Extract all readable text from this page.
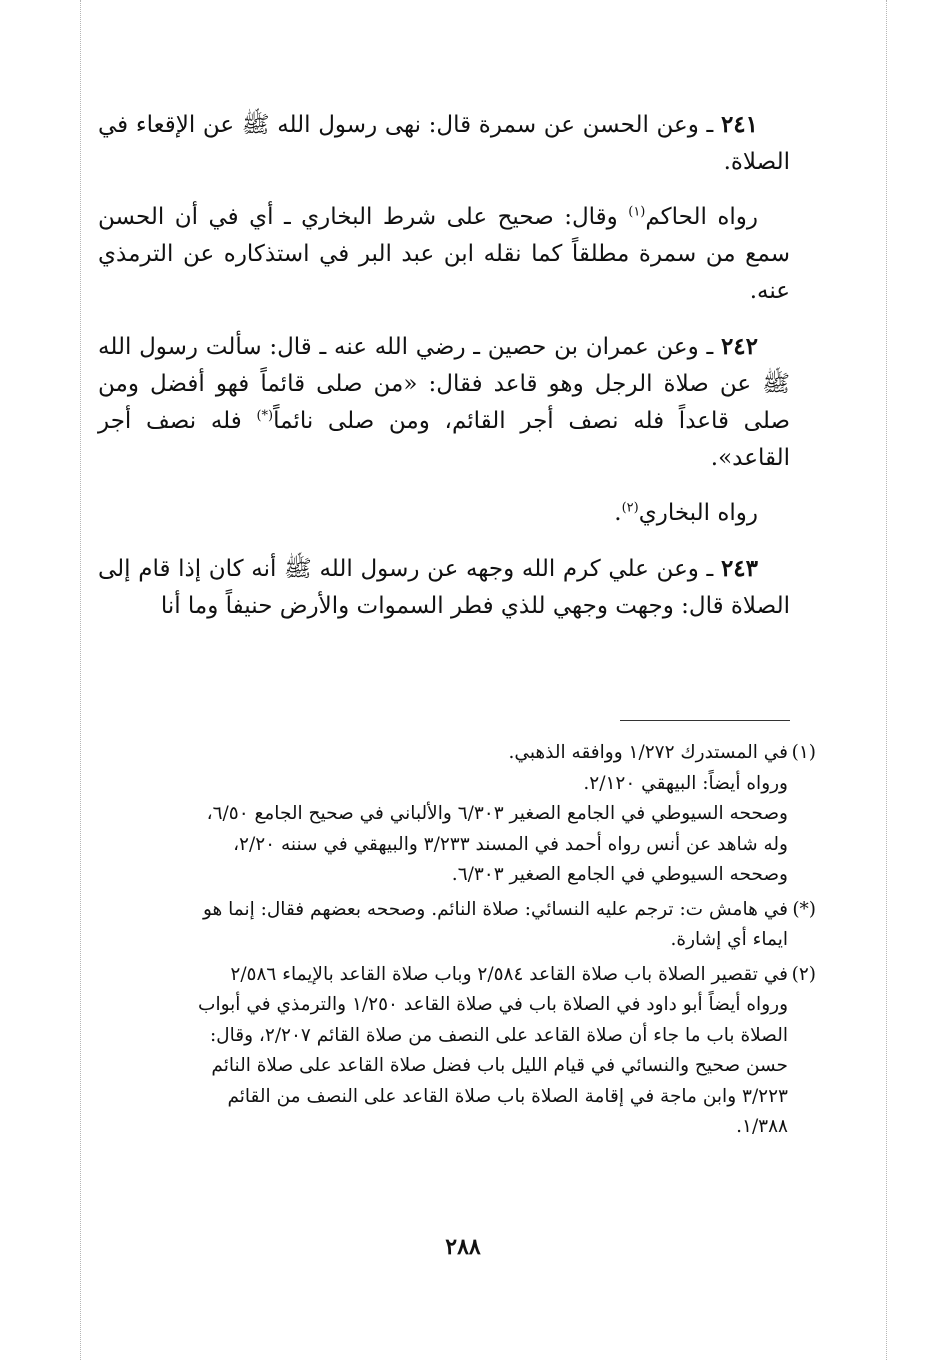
٢٤١ ـ وعن الحسن عن سمرة قال: نهى رسول الله ﷺ عن الإقعاء في الصلاة.

رواه الحاكم$^{(١)}$ وقال: صحيح على شرط البخاري ـ أي في أن الحسن سمع من سمرة مطلقاً كما نقله ابن عبد البر في استذكاره عن الترمذي عنه.

٢٤٢ ـ وعن عمران بن حصين ـ رضي الله عنه ـ قال: سألت رسول الله ﷺ عن صلاة الرجل وهو قاعد فقال: «من صلى قائماً فهو أفضل ومن صلى قاعداً فله نصف أجر القائم، ومن صلى نائماً(*) فله نصف أجر القاعد».

رواه البخاري$^{(٢)}$.

٢٤٣ ـ وعن علي كرم الله وجهه عن رسول الله ﷺ أنه كان إذا قام إلى الصلاة قال: وجهت وجهي للذي فطر السموات والأرض حنيفاً وما أنا

(١)
في المستدرك ١/٢٧٢ ووافقه الذهبي.
ورواه أيضاً: البيهقي ٢/١٢٠.
وصححه السيوطي في الجامع الصغير ٦/٣٠٣ والألباني في صحيح الجامع ٦/٥٠،
وله شاهد عن أنس رواه أحمد في المسند ٣/٢٣٣ والبيهقي في سننه ٢/٢٠،
وصححه السيوطي في الجامع الصغير ٦/٣٠٣.
(*)
في هامش ت: ترجم عليه النسائي: صلاة النائم. وصححه بعضهم فقال: إنما هو
ايماء أي إشارة.
(٢)
في تقصير الصلاة باب صلاة القاعد ٢/٥٨٤ وباب صلاة القاعد بالإيماء ٢/٥٨٦
ورواه أيضاً أبو داود في الصلاة باب في صلاة القاعد ١/٢٥٠ والترمذي في أبواب
الصلاة باب ما جاء أن صلاة القاعد على النصف من صلاة القائم ٢/٢٠٧، وقال:
حسن صحيح والنسائي في قيام الليل باب فضل صلاة القاعد على صلاة النائم
٣/٢٢٣ وابن ماجة في إقامة الصلاة باب صلاة القاعد على النصف من القائم
١/٣٨٨.
٢٨٨
